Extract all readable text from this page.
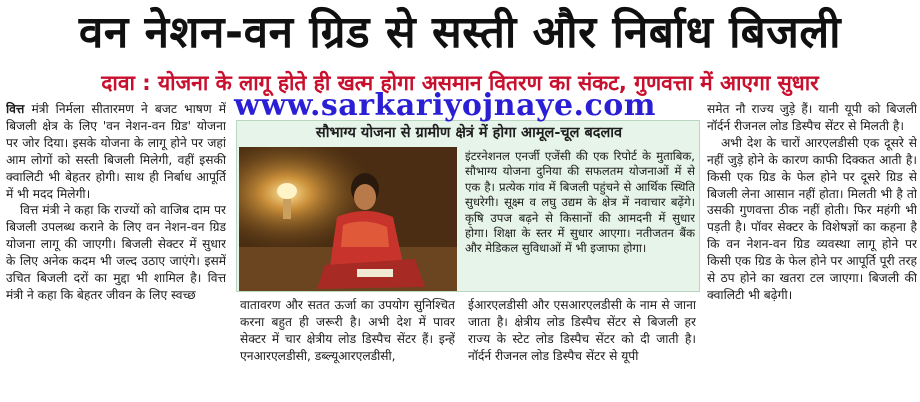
वन नेशन-वन ग्रिड से सस्ती और निर्बाध बिजली
दावा : योजना के लागू होते ही खत्म होगा असमान वितरण का संकट, गुणवत्ता में आएगा सुधार

वित्त मंत्री निर्मला सीतारमण ने बजट भाषण में बिजली क्षेत्र के लिए 'वन नेशन-वन ग्रिड' योजना पर जोर दिया। इसके योजना के लागू होने पर जहां आम लोगों को सस्ती बिजली मिलेगी, वहीं इसकी क्वालिटी भी बेहतर होगी। साथ ही निर्बाध आपूर्ति में भी मदद मिलेगी।

वित्त मंत्री ने कहा कि राज्यों को वाजिब दाम पर बिजली उपलब्ध कराने के लिए वन नेशन-वन ग्रिड योजना लागू की जाएगी। बिजली सेक्टर में सुधार के लिए अनेक कदम भी जल्द उठाए जाएंगे। इसमें उचित बिजली दरों का मुद्दा भी शामिल है। वित्त मंत्री ने कहा कि बेहतर जीवन के लिए स्वच्छ

सौभाग्य योजना से ग्रामीण क्षेत्रं में होगा आमूल-चूल बदलाव
इंटरनेशनल एनर्जी एजेंसी की एक रिपोर्ट के मुताबिक, सौभाग्य योजना दुनिया की सफलतम योजनाओं में से एक है। प्रत्येक गांव में बिजली पहुंचने से आर्थिक स्थिति सुधरेगी। सूक्ष्म व लघु उद्यम के क्षेत्र में नवाचार बढ़ेंगे। कृषि उपज बढ़ने से किसानों की आमदनी में सुधार होगा। शिक्षा के स्तर में सुधार आएगा। नतीजतन बैंक और मेडिकल सुविधाओं में भी इजाफा होगा।

वातावरण और सतत ऊर्जा का उपयोग सुनिश्चित करना बहुत ही जरूरी है। अभी देश में पावर सेक्टर में चार क्षेत्रीय लोड डिस्पैच सेंटर हैं। इन्हें एनआरएलडीसी, डब्ल्यूआरएलडीसी,

ईआरएलडीसी और एसआरएलडीसी के नाम से जाना जाता है। क्षेत्रीय लोड डिस्पैच सेंटर से बिजली हर राज्य के स्टेट लोड डिस्पैच सेंटर को दी जाती है। नॉर्दर्न रीजनल लोड डिस्पैच सेंटर से यूपी

समेत नौ राज्य जुड़े हैं। यानी यूपी को बिजली नॉर्दर्न रीजनल लोड डिस्पैच सेंटर से मिलती है।

अभी देश के चारों आरएलडीसी एक दूसरे से नहीं जुड़े होने के कारण काफी दिक्कत आती है। किसी एक ग्रिड के फेल होने पर दूसरे ग्रिड से बिजली लेना आसान नहीं होता। मिलती भी है तो उसकी गुणवत्ता ठीक नहीं होती। फिर महंगी भी पड़ती है। पॉवर सेक्टर के विशेषज्ञों का कहना है कि वन नेशन-वन ग्रिड व्यवस्था लागू होने पर किसी एक ग्रिड के फेल होने पर आपूर्ति पूरी तरह से ठप होने का खतरा टल जाएगा। बिजली की क्वालिटी भी बढ़ेगी।

www.sarkariyojnaye.com
